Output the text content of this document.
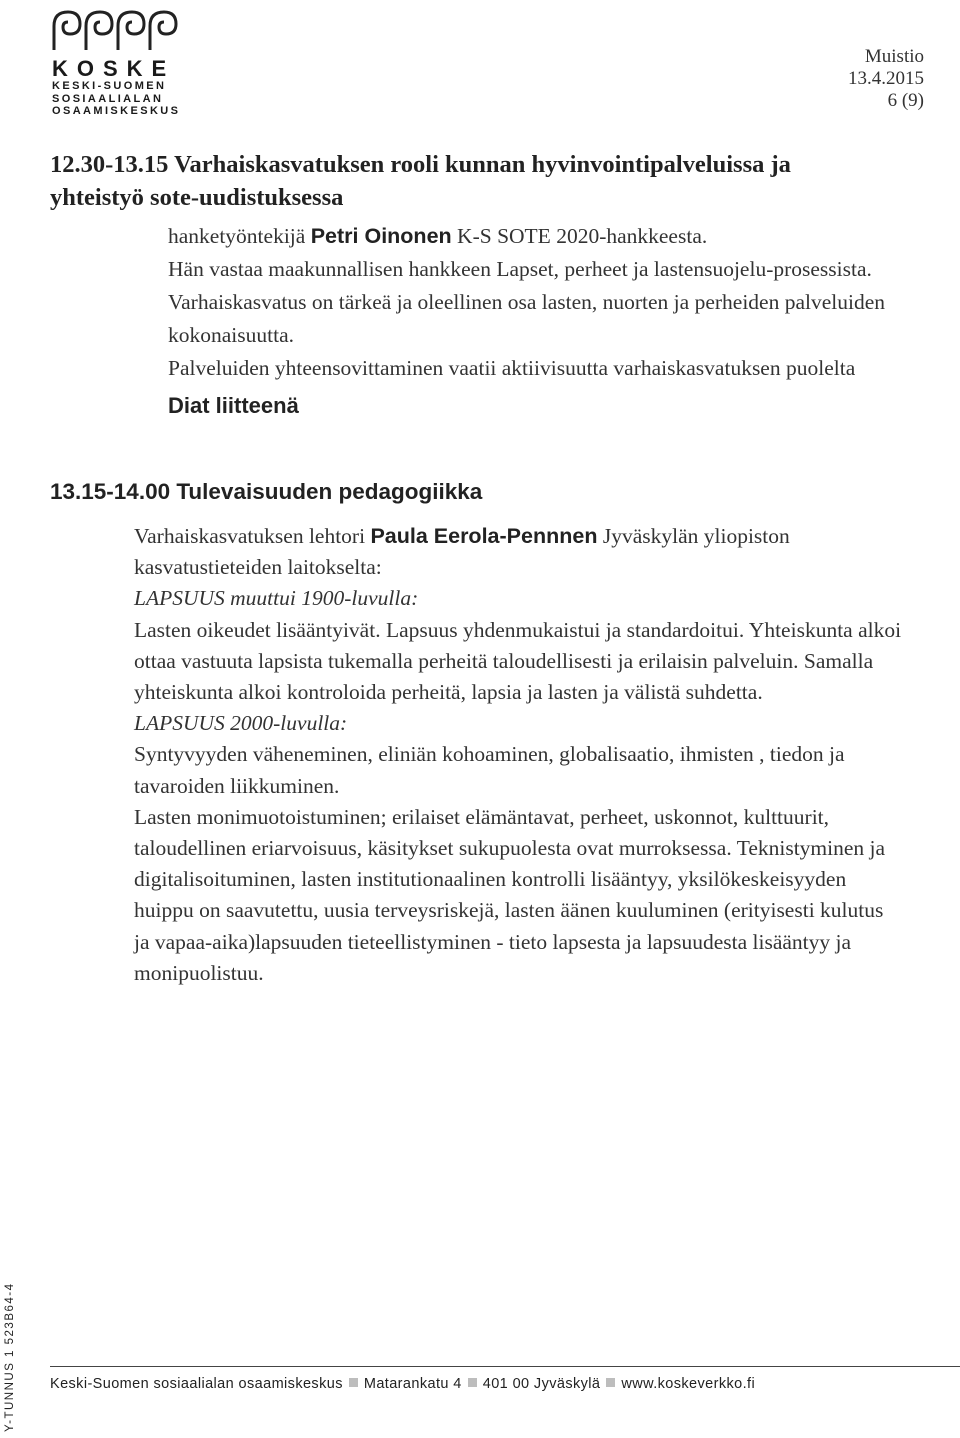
KOSKE
KESKI-SUOMEN
SOSIAALIALAN
OSAAMISKESKUS
Muistio
13.4.2015
6 (9)
12.30-13.15 Varhaiskasvatuksen rooli kunnan hyvinvointipalveluissa ja
yhteistyö sote-uudistuksessa

hanketyöntekijä Petri Oinonen K-S SOTE 2020-hankkeesta.

Hän vastaa maakunnallisen hankkeen Lapset, perheet ja lastensuojelu-prosessista.

Varhaiskasvatus on tärkeä ja oleellinen osa lasten, nuorten ja perheiden palveluiden kokonaisuutta.

Palveluiden yhteensovittaminen vaatii aktiivisuutta varhaiskasvatuksen puolelta

Diat liitteenä
13.15-14.00 Tulevaisuuden pedagogiikka

Varhaiskasvatuksen lehtori Paula Eerola-Pennnen Jyväskylän yliopiston kasvatustieteiden laitokselta:

LAPSUUS muuttui 1900-luvulla:

Lasten oikeudet lisääntyivät. Lapsuus yhdenmukaistui ja standardoitui. Yhteiskunta alkoi ottaa vastuuta lapsista tukemalla perheitä taloudellisesti ja erilaisin palveluin. Samalla yhteiskunta alkoi kontroloida perheitä, lapsia ja lasten ja välistä suhdetta.

LAPSUUS 2000-luvulla:

Syntyvyyden väheneminen, eliniän kohoaminen, globalisaatio, ihmisten , tiedon ja tavaroiden liikkuminen.

Lasten monimuotoistuminen; erilaiset elämäntavat, perheet, uskonnot, kulttuurit, taloudellinen eriarvoisuus, käsitykset sukupuolesta ovat murroksessa. Teknistyminen ja digitalisoituminen, lasten institutionaalinen kontrolli lisääntyy, yksilökeskeisyyden huippu on saavutettu, uusia terveysriskejä, lasten äänen kuuluminen (erityisesti kulutus ja vapaa-aika)lapsuuden tieteellistyminen - tieto lapsesta ja lapsuudesta lisääntyy ja monipuolistuu.

Y-TUNNUS 1 523B64-4 Keski-Suomen sosiaalialan osaamiskeskus Matarankatu 4 401 00 Jyväskylä www.koskeverkko.fi
